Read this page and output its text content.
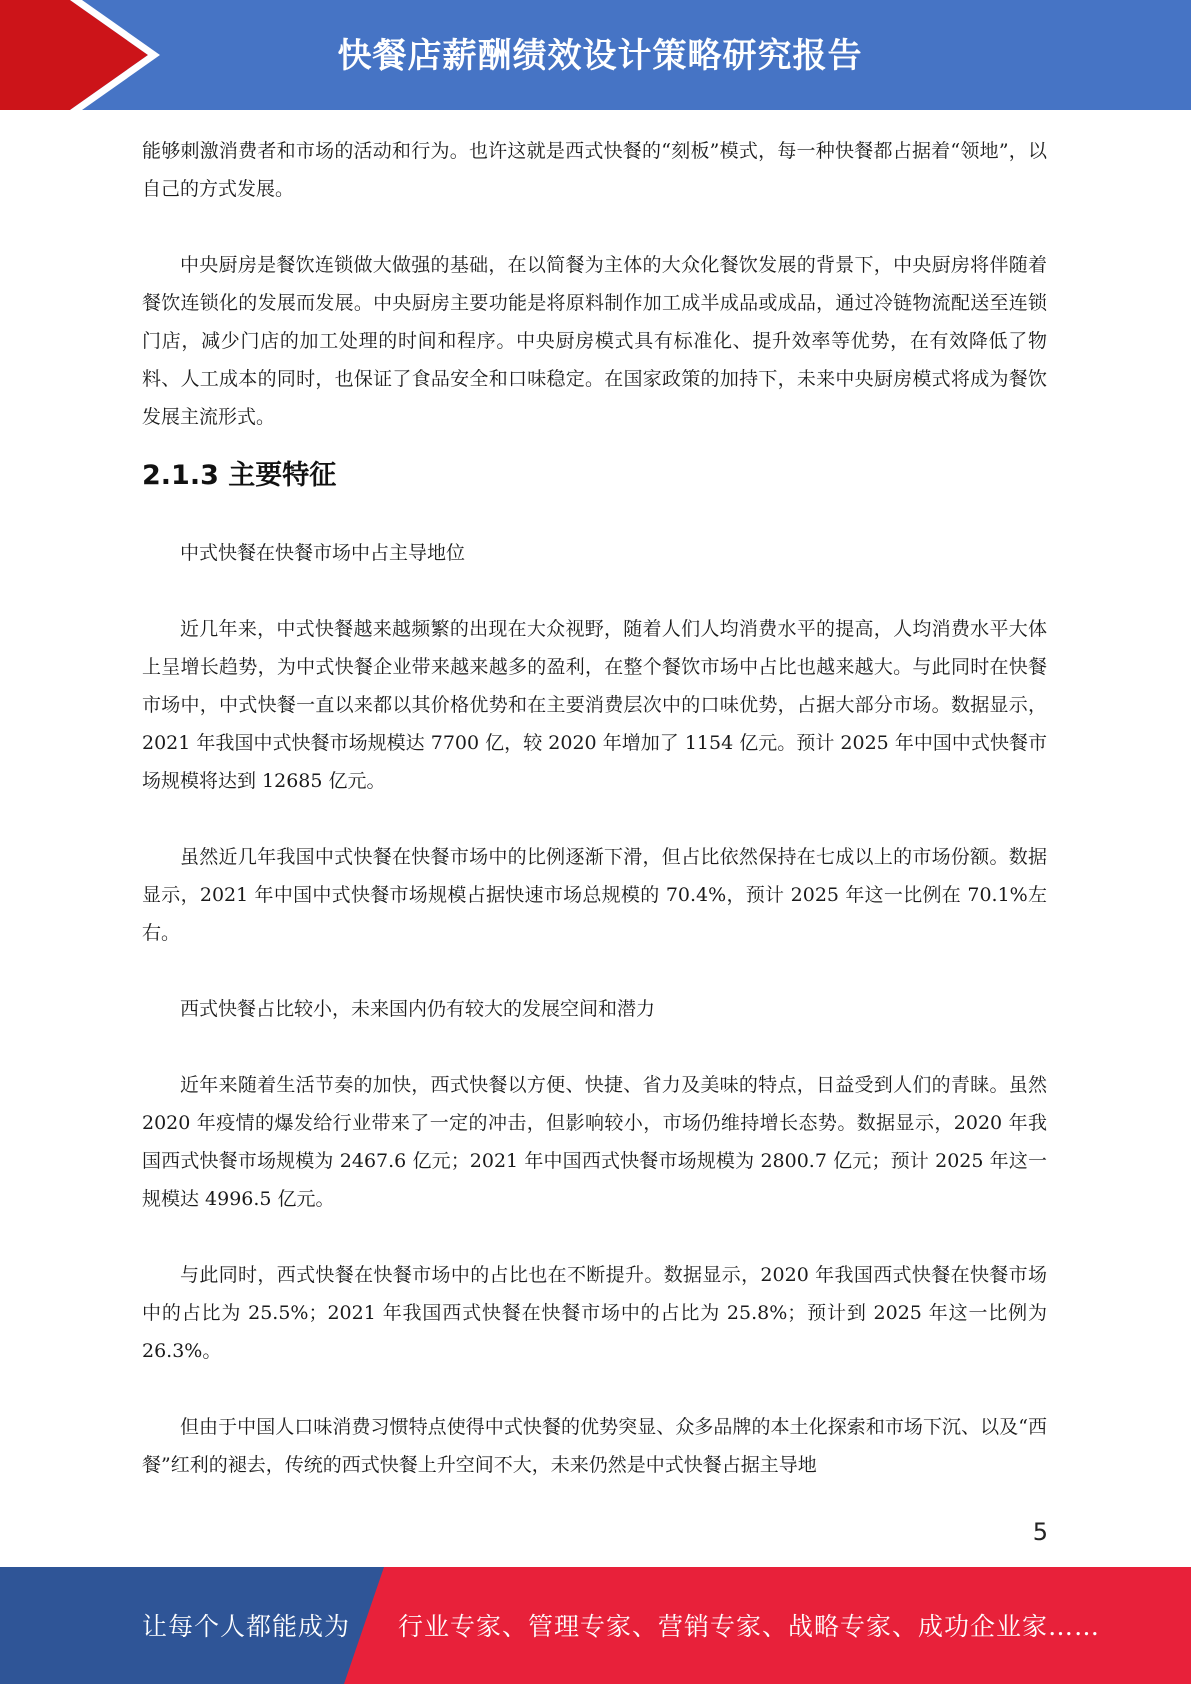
快餐店薪酬绩效设计策略研究报告

能够刺激消费者和市场的活动和行为。也许这就是西式快餐的“刻板”模式，每一种快餐都占据着“领地”，以自己的方式发展。

中央厨房是餐饮连锁做大做强的基础，在以简餐为主体的大众化餐饮发展的背景下，中央厨房将伴随着餐饮连锁化的发展而发展。中央厨房主要功能是将原料制作加工成半成品或成品，通过冷链物流配送至连锁门店，减少门店的加工处理的时间和程序。中央厨房模式具有标准化、提升效率等优势，在有效降低了物料、人工成本的同时，也保证了食品安全和口味稳定。在国家政策的加持下，未来中央厨房模式将成为餐饮发展主流形式。

2.1.3 主要特征

中式快餐在快餐市场中占主导地位

近几年来，中式快餐越来越频繁的出现在大众视野，随着人们人均消费水平的提高，人均消费水平大体上呈增长趋势，为中式快餐企业带来越来越多的盈利，在整个餐饮市场中占比也越来越大。与此同时在快餐市场中，中式快餐一直以来都以其价格优势和在主要消费层次中的口味优势，占据大部分市场。数据显示，2021 年我国中式快餐市场规模达 7700 亿，较 2020 年增加了 1154 亿元。预计 2025 年中国中式快餐市场规模将达到 12685 亿元。

虽然近几年我国中式快餐在快餐市场中的比例逐渐下滑，但占比依然保持在七成以上的市场份额。数据显示，2021 年中国中式快餐市场规模占据快速市场总规模的 70.4%，预计 2025 年这一比例在 70.1%左右。

西式快餐占比较小，未来国内仍有较大的发展空间和潜力

近年来随着生活节奏的加快，西式快餐以方便、快捷、省力及美味的特点，日益受到人们的青睐。虽然 2020 年疫情的爆发给行业带来了一定的冲击，但影响较小，市场仍维持增长态势。数据显示，2020 年我国西式快餐市场规模为 2467.6 亿元；2021 年中国西式快餐市场规模为 2800.7 亿元；预计 2025 年这一规模达 4996.5 亿元。

与此同时，西式快餐在快餐市场中的占比也在不断提升。数据显示，2020 年我国西式快餐在快餐市场中的占比为 25.5%；2021 年我国西式快餐在快餐市场中的占比为 25.8%；预计到 2025 年这一比例为 26.3%。

但由于中国人口味消费习惯特点使得中式快餐的优势突显、众多品牌的本土化探索和市场下沉、以及“西餐”红利的褪去，传统的西式快餐上升空间不大，未来仍然是中式快餐占据主导地

5
让每个人都能成为 行业专家、管理专家、营销专家、战略专家、成功企业家……
